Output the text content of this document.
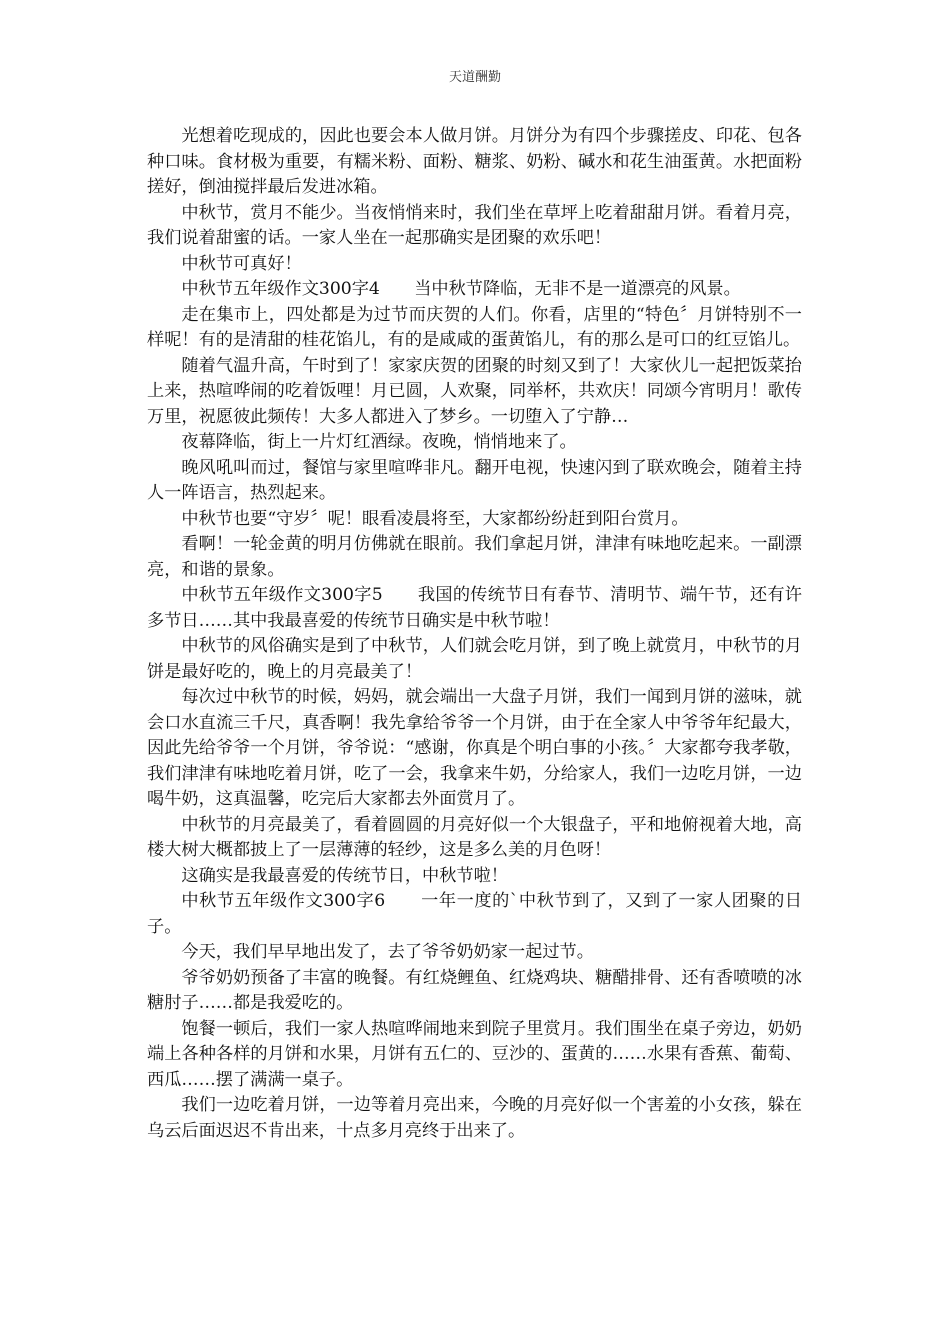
天道酬勤

光想着吃现成的，因此也要会本人做月饼。月饼分为有四个步骤搓皮、印花、包各种口味。食材极为重要，有糯米粉、面粉、糖浆、奶粉、碱水和花生油蛋黄。水把面粉搓好，倒油搅拌最后发进冰箱。

中秋节，赏月不能少。当夜悄悄来时，我们坐在草坪上吃着甜甜月饼。看着月亮，我们说着甜蜜的话。一家人坐在一起那确实是团聚的欢乐吧！

中秋节可真好！

中秋节五年级作文300字4　　当中秋节降临，无非不是一道漂亮的风景。

走在集市上，四处都是为过节而庆贺的人们。你看，店里的“特色〞月饼特别不一样呢！有的是清甜的桂花馅儿，有的是咸咸的蛋黄馅儿，有的那么是可口的红豆馅儿。

随着气温升高，午时到了！家家庆贺的团聚的时刻又到了！大家伙儿一起把饭菜抬上来，热喧哗闹的吃着饭哩！月已圆，人欢聚，同举杯，共欢庆！同颂今宵明月！歌传万里，祝愿彼此频传！大多人都进入了梦乡。一切堕入了宁静…

夜幕降临，街上一片灯红酒绿。夜晚，悄悄地来了。

晚风吼叫而过，餐馆与家里喧哗非凡。翻开电视，快速闪到了联欢晚会，随着主持人一阵语言，热烈起来。

中秋节也要“守岁〞呢！眼看凌晨将至，大家都纷纷赶到阳台赏月。

看啊！一轮金黄的明月仿佛就在眼前。我们拿起月饼，津津有味地吃起来。一副漂亮，和谐的景象。

中秋节五年级作文300字5　　我国的传统节日有春节、清明节、端午节，还有许多节日……其中我最喜爱的传统节日确实是中秋节啦！

中秋节的风俗确实是到了中秋节，人们就会吃月饼，到了晚上就赏月，中秋节的月饼是最好吃的，晚上的月亮最美了！

每次过中秋节的时候，妈妈，就会端出一大盘子月饼，我们一闻到月饼的滋味，就会口水直流三千尺，真香啊！我先拿给爷爷一个月饼，由于在全家人中爷爷年纪最大，因此先给爷爷一个月饼，爷爷说：“感谢，你真是个明白事的小孩。〞大家都夸我孝敬，我们津津有味地吃着月饼，吃了一会，我拿来牛奶，分给家人，我们一边吃月饼，一边喝牛奶，这真温馨，吃完后大家都去外面赏月了。

中秋节的月亮最美了，看着圆圆的月亮好似一个大银盘子，平和地俯视着大地，高楼大树大概都披上了一层薄薄的轻纱，这是多么美的月色呀！

这确实是我最喜爱的传统节日，中秋节啦！

中秋节五年级作文300字6　　一年一度的`中秋节到了，又到了一家人团聚的日子。

今天，我们早早地出发了，去了爷爷奶奶家一起过节。

爷爷奶奶预备了丰富的晚餐。有红烧鲤鱼、红烧鸡块、糖醋排骨、还有香喷喷的冰糖肘子……都是我爱吃的。

饱餐一顿后，我们一家人热喧哗闹地来到院子里赏月。我们围坐在桌子旁边，奶奶端上各种各样的月饼和水果，月饼有五仁的、豆沙的、蛋黄的……水果有香蕉、葡萄、西瓜……摆了满满一桌子。

我们一边吃着月饼，一边等着月亮出来，今晚的月亮好似一个害羞的小女孩，躲在乌云后面迟迟不肯出来，十点多月亮终于出来了。
